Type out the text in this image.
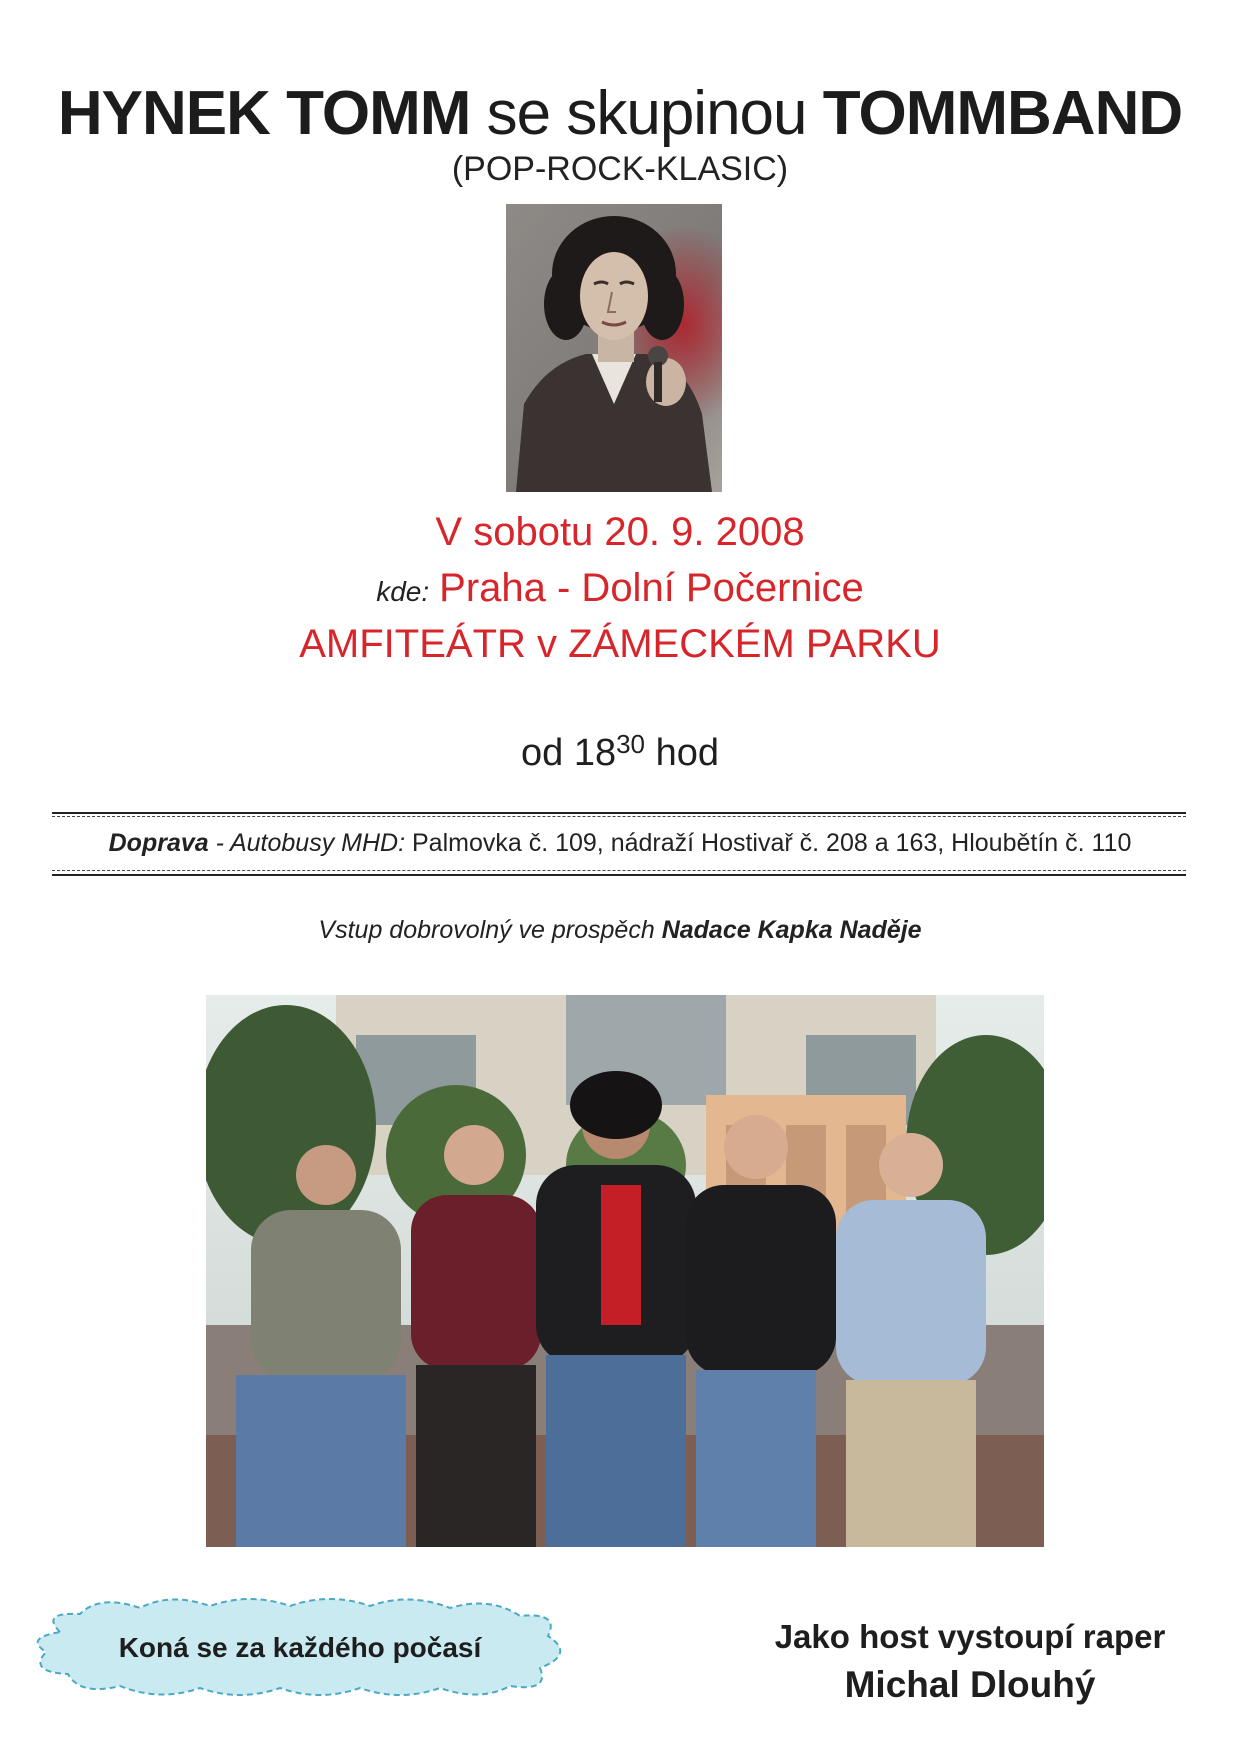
HYNEK TOMM se skupinou TOMMBAND
(POP-ROCK-KLASIC)
V sobotu 20. 9. 2008
kde: Praha - Dolní Počernice
AMFITEÁTR v ZÁMECKÉM PARKU
od $18^{30}$ hod
Doprava - Autobusy MHD: Palmovka č. 109, nádraží Hostivař č. 208 a 163, Hloubětín č. 110
Vstup dobrovolný ve prospěch Nadace Kapka Naděje
Koná se za každého počasí	Jako host vystoupí raper
Michal Dlouhý
